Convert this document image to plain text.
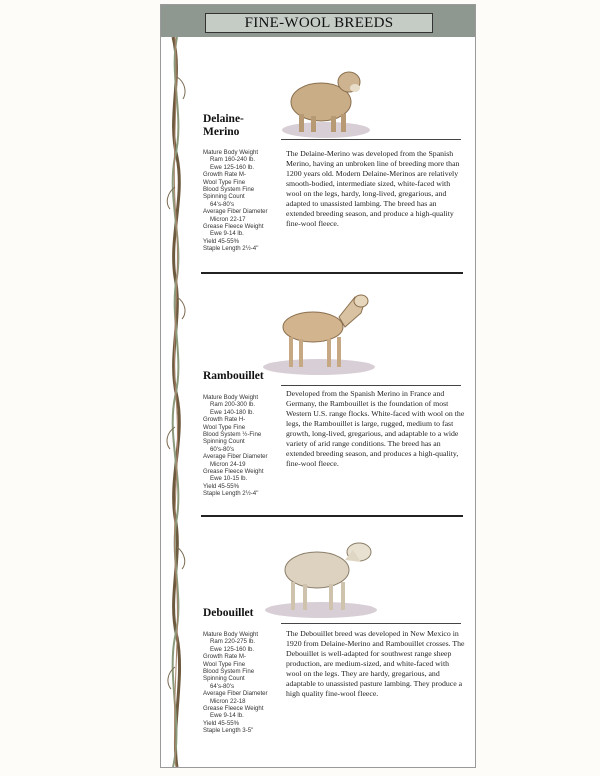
FINE-WOOL BREEDS
Delaine-
Merino
Mature Body Weight
Ram 160-240 lb.
Ewe 125-160 lb.
Growth Rate M-
Wool Type Fine
Blood System Fine
Spinning Count
64's-80's
Average Fiber Diameter
Micron 22-17
Grease Fleece Weight
Ewe 9-14 lb.
Yield 45-55%
Staple Length 2½-4"
The Delaine-Merino was developed from the Spanish Merino, having an unbroken line of breeding more than 1200 years old. Modern Delaine-Merinos are relatively smooth-bodied, intermediate sized, white-faced with wool on the legs, hardy, long-lived, gregarious, and adapted to unassisted lambing. The breed has an extended breeding season, and produce a high-quality fine-wool fleece.
Rambouillet
Mature Body Weight
Ram 200-300 lb.
Ewe 140-180 lb.
Growth Rate H-
Wool Type Fine
Blood System ½-Fine
Spinning Count
60's-80's
Average Fiber Diameter
Micron 24-19
Grease Fleece Weight
Ewe 10-15 lb.
Yield 45-55%
Staple Length 2½-4"
Developed from the Spanish Merino in France and Germany, the Rambouillet is the foundation of most Western U.S. range flocks. White-faced with wool on the legs, the Rambouillet is large, rugged, medium to fast growth, long-lived, gregarious, and adaptable to a wide variety of arid range conditions. The breed has an extended breeding season, and produces a high-quality, fine-wool fleece.
Debouillet
Mature Body Weight
Ram 220-275 lb.
Ewe 125-160 lb.
Growth Rate M-
Wool Type Fine
Blood System Fine
Spinning Count
64's-80's
Average Fiber Diameter
Micron 22-18
Grease Fleece Weight
Ewe 9-14 lb.
Yield 45-55%
Staple Length 3-5"
The Debouillet breed was developed in New Mexico in 1920 from Delaine-Merino and Rambouillet crosses. The Debouillet is well-adapted for southwest range sheep production, are medium-sized, and white-faced with wool on the legs. They are hardy, gregarious, and adaptable to unassisted pasture lambing. They produce a high quality fine-wool fleece.
